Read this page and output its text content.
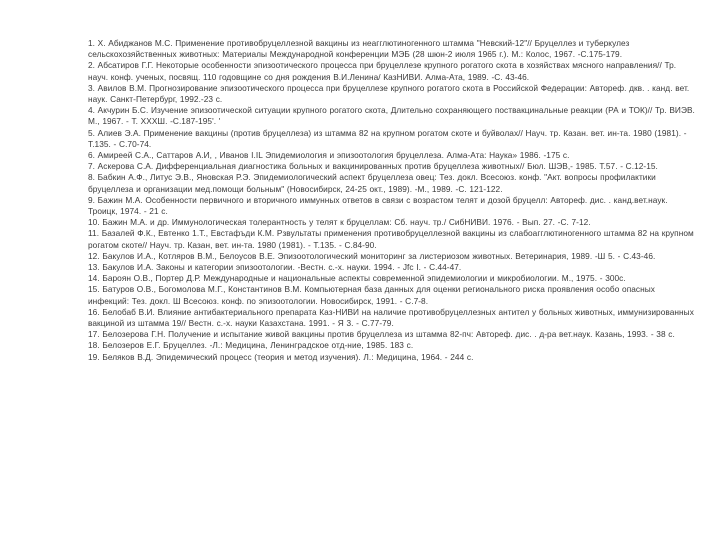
1. X. Абиджанов М.С. Применение противобруцеллезной вакцины из неагглютиногенного штамма "Невский-12"// Бруцеллез и туберкулез сельскохозяйственных животных: Материалы Международной конференции МЭБ (28 шюн-2 июля 1965 г.). М.: Колос, 1967. -С.175-179.

2. Абсатиров Г.Г. Некоторые особенности эпизоотического процесса при бруцеллезе крупного рогатого скота в хозяйствах мясного направления// Тр. науч. конф. ученых, посвящ. 110 годовщине со дня рождения В.И.Ленина/ КазНИВИ. Алма-Ата, 1989. -С. 43-46.

3. Авилов В.М. Прогнозирование эпизоотического процесса при бруцеллезе крупного рогатого скота в Российской Федерации: Автореф. дкв. . канд. вет. наук. Санкт-Петербург, 1992.-23 с.

4. Акчурин Б.С. Изучение эпизоотической ситуации крупного рогатого скота, Длительно сохраняющего поствакцинальные реакции (РА и ТОК)// Тр. ВИЭВ. М., 1967. - Т. XXXШ. -С.187-195'. '

5. Алиев Э.А. Применение вакцины (против бруцеллеза) из штамма 82 на крупном рогатом скоте и буйволах// Науч. тр. Казан. вет. ин-та. 1980 (1981). - Т.135. - С.70-74.

6. Амиреей С.А., Саттаров А.И, , Иванов I.IL Эпидемиология и эпизоотология бруцеллеза. Алма-Ата: Наука» 1986. -175 с.

7. Аскерова С.А. Дифференциальная диагностика больных и вакцинированных против бруцеллеза животных// Бюл. ШЭВ,- 1985. Т.57. - С.12-15.

8. Бабкин А.Ф., Литус Э.В., Яновская Р.Э. Эпидемиологический аспект бруцеллеза овец: Тез. докл. Всесоюз. конф. "Акт. вопросы профилактики бруцеллеза и организации мед.помощи больным" (Новосибирск, 24-25 окт., 1989). -М., 1989. -С. 121-122.

9. Бажин М.А. Особенности первичного и вторичного иммунных ответов в связи с возрастом телят и дозой бруцелл: Автореф. дис. . канд.вет.наук. Троицк, 1974. - 21 с.

10. Бажин М.А. и др. Иммунологическая толерантность у телят к бруцеллам: Сб. науч. тр./ СибНИВИ. 1976. - Вып. 27. -С. 7-12.

11. Базалей Ф.К., Евтенко 1.Т., Евстафъди К.М. Рзвультаты применения противобруцеллезной вакцины из слабоагглютиногенного штамма 82 на крупном рогатом скоте// Науч. тр. Казан, вет. ин-та. 1980 (1981). - Т.135. - С.84-90.

12. Бакулов И.А., Котляров В.М., Белоусов В.Е. Эпизоотологический мониторинг за листериозом животных. Ветеринария, 1989. -Ш 5. - С.43-46.

13. Бакулов И.А. Законы и категории эпизоотологии. -Вестн. с.-х. науки. 1994. - Jfc I. - С.44-47.

14. Бароян О.В., Портер Д.Р. Международные и национальные аспекты современной эпидемиологии и микробиологии. М., 1975. - 300с.

15. Батуров О.В., Богомолова М.Г., Константинов В.М. Компьютерная база данных для оценки регионального риска проявления особо опасных инфекций: Тез. докл. Ш Всесоюз. конф. по эпизоотологии. Новосибирск, 1991. - С.7-8.

16. Белобаб В.И. Влияние антибактериального препарата Каз-НИВИ на наличие противобруцеллезных антител у больных животных, иммунизированных вакциной из штамма 19// Вестн. с.-х. науки Казахстана. 1991. - Я 3. - С.77-79.

17. Белозерова Г.Н. Получение и испытание живой вакцины против бруцеллеза из штамма 82-пч: Автореф. дис. . д-ра вет.наук. Казань, 1993. - 38 с.

18. Белозеров Е.Г. Бруцеллез. -Л.: Медицина, Ленинградское отд-ние, 1985. 183 с.

19. Беляков В.Д. Эпидемический процесс (теория и метод изучения). Л.: Медицина, 1964. - 244 с.
